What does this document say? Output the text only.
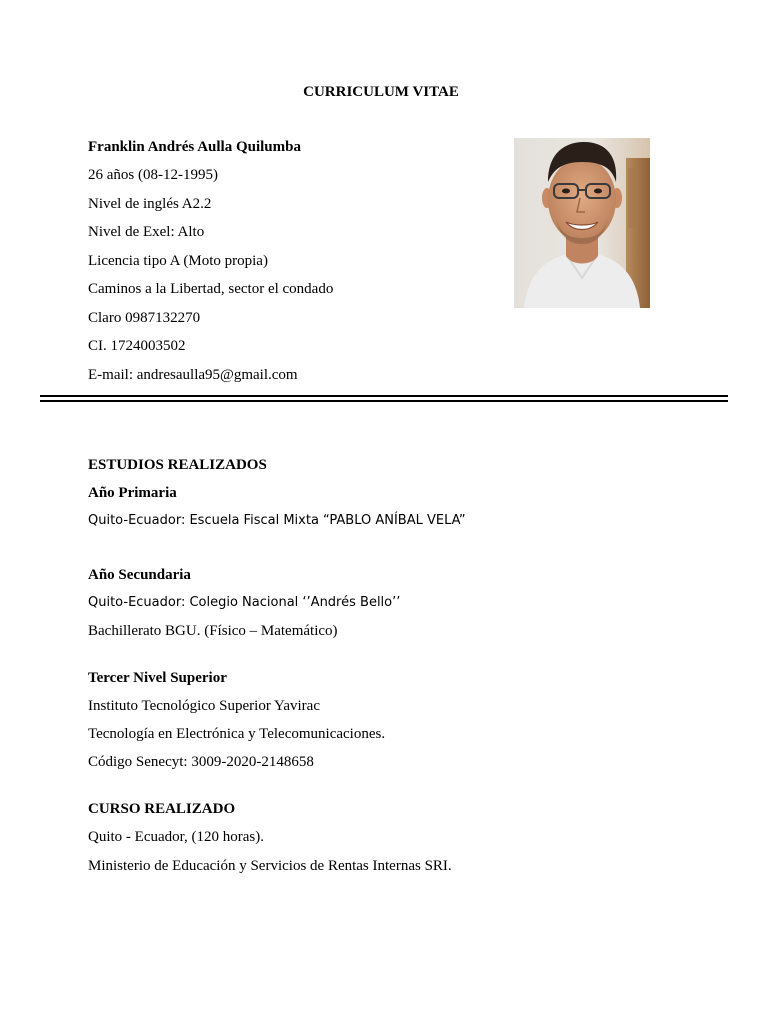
CURRICULUM VITAE
Franklin Andrés Aulla Quilumba
26 años (08-12-1995)
Nivel de inglés A2.2
Nivel de Exel: Alto
Licencia tipo A (Moto propia)
Caminos a la Libertad, sector el condado
Claro 0987132270
CI. 1724003502
E-mail: andresaulla95@gmail.com
ESTUDIOS REALIZADOS
Año Primaria
Quito-Ecuador: Escuela Fiscal Mixta “PABLO ANÍBAL VELA”
Año Secundaria
Quito-Ecuador: Colegio Nacional ‘’Andrés Bello’’
Bachillerato BGU. (Físico – Matemático)
Tercer Nivel Superior
Instituto Tecnológico Superior Yavirac
Tecnología en Electrónica y Telecomunicaciones.
Código Senecyt: 3009-2020-2148658
CURSO REALIZADO
Quito - Ecuador, (120 horas).
Ministerio de Educación y Servicios de Rentas Internas SRI.
